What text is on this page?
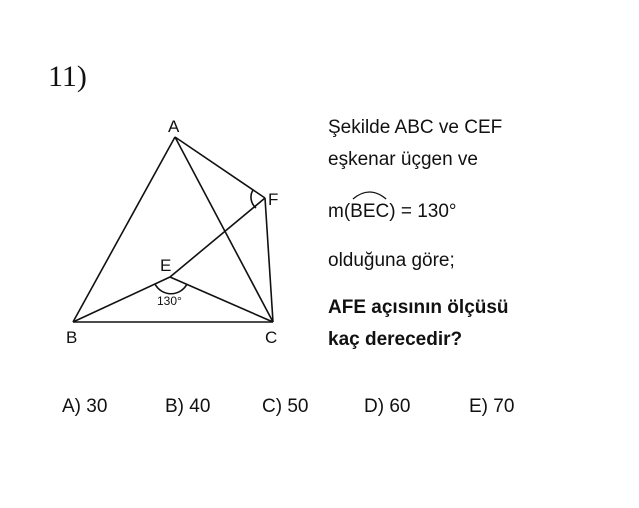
11)
A
B	C
E
F
130°
Şekilde ABC ve CEF
eşkenar üçgen ve
m( BEC ) = 130°
olduğuna göre;
AFE açısının ölçüsü
kaç derecedir?
A) 30	B) 40	C) 50	D) 60	E) 70
